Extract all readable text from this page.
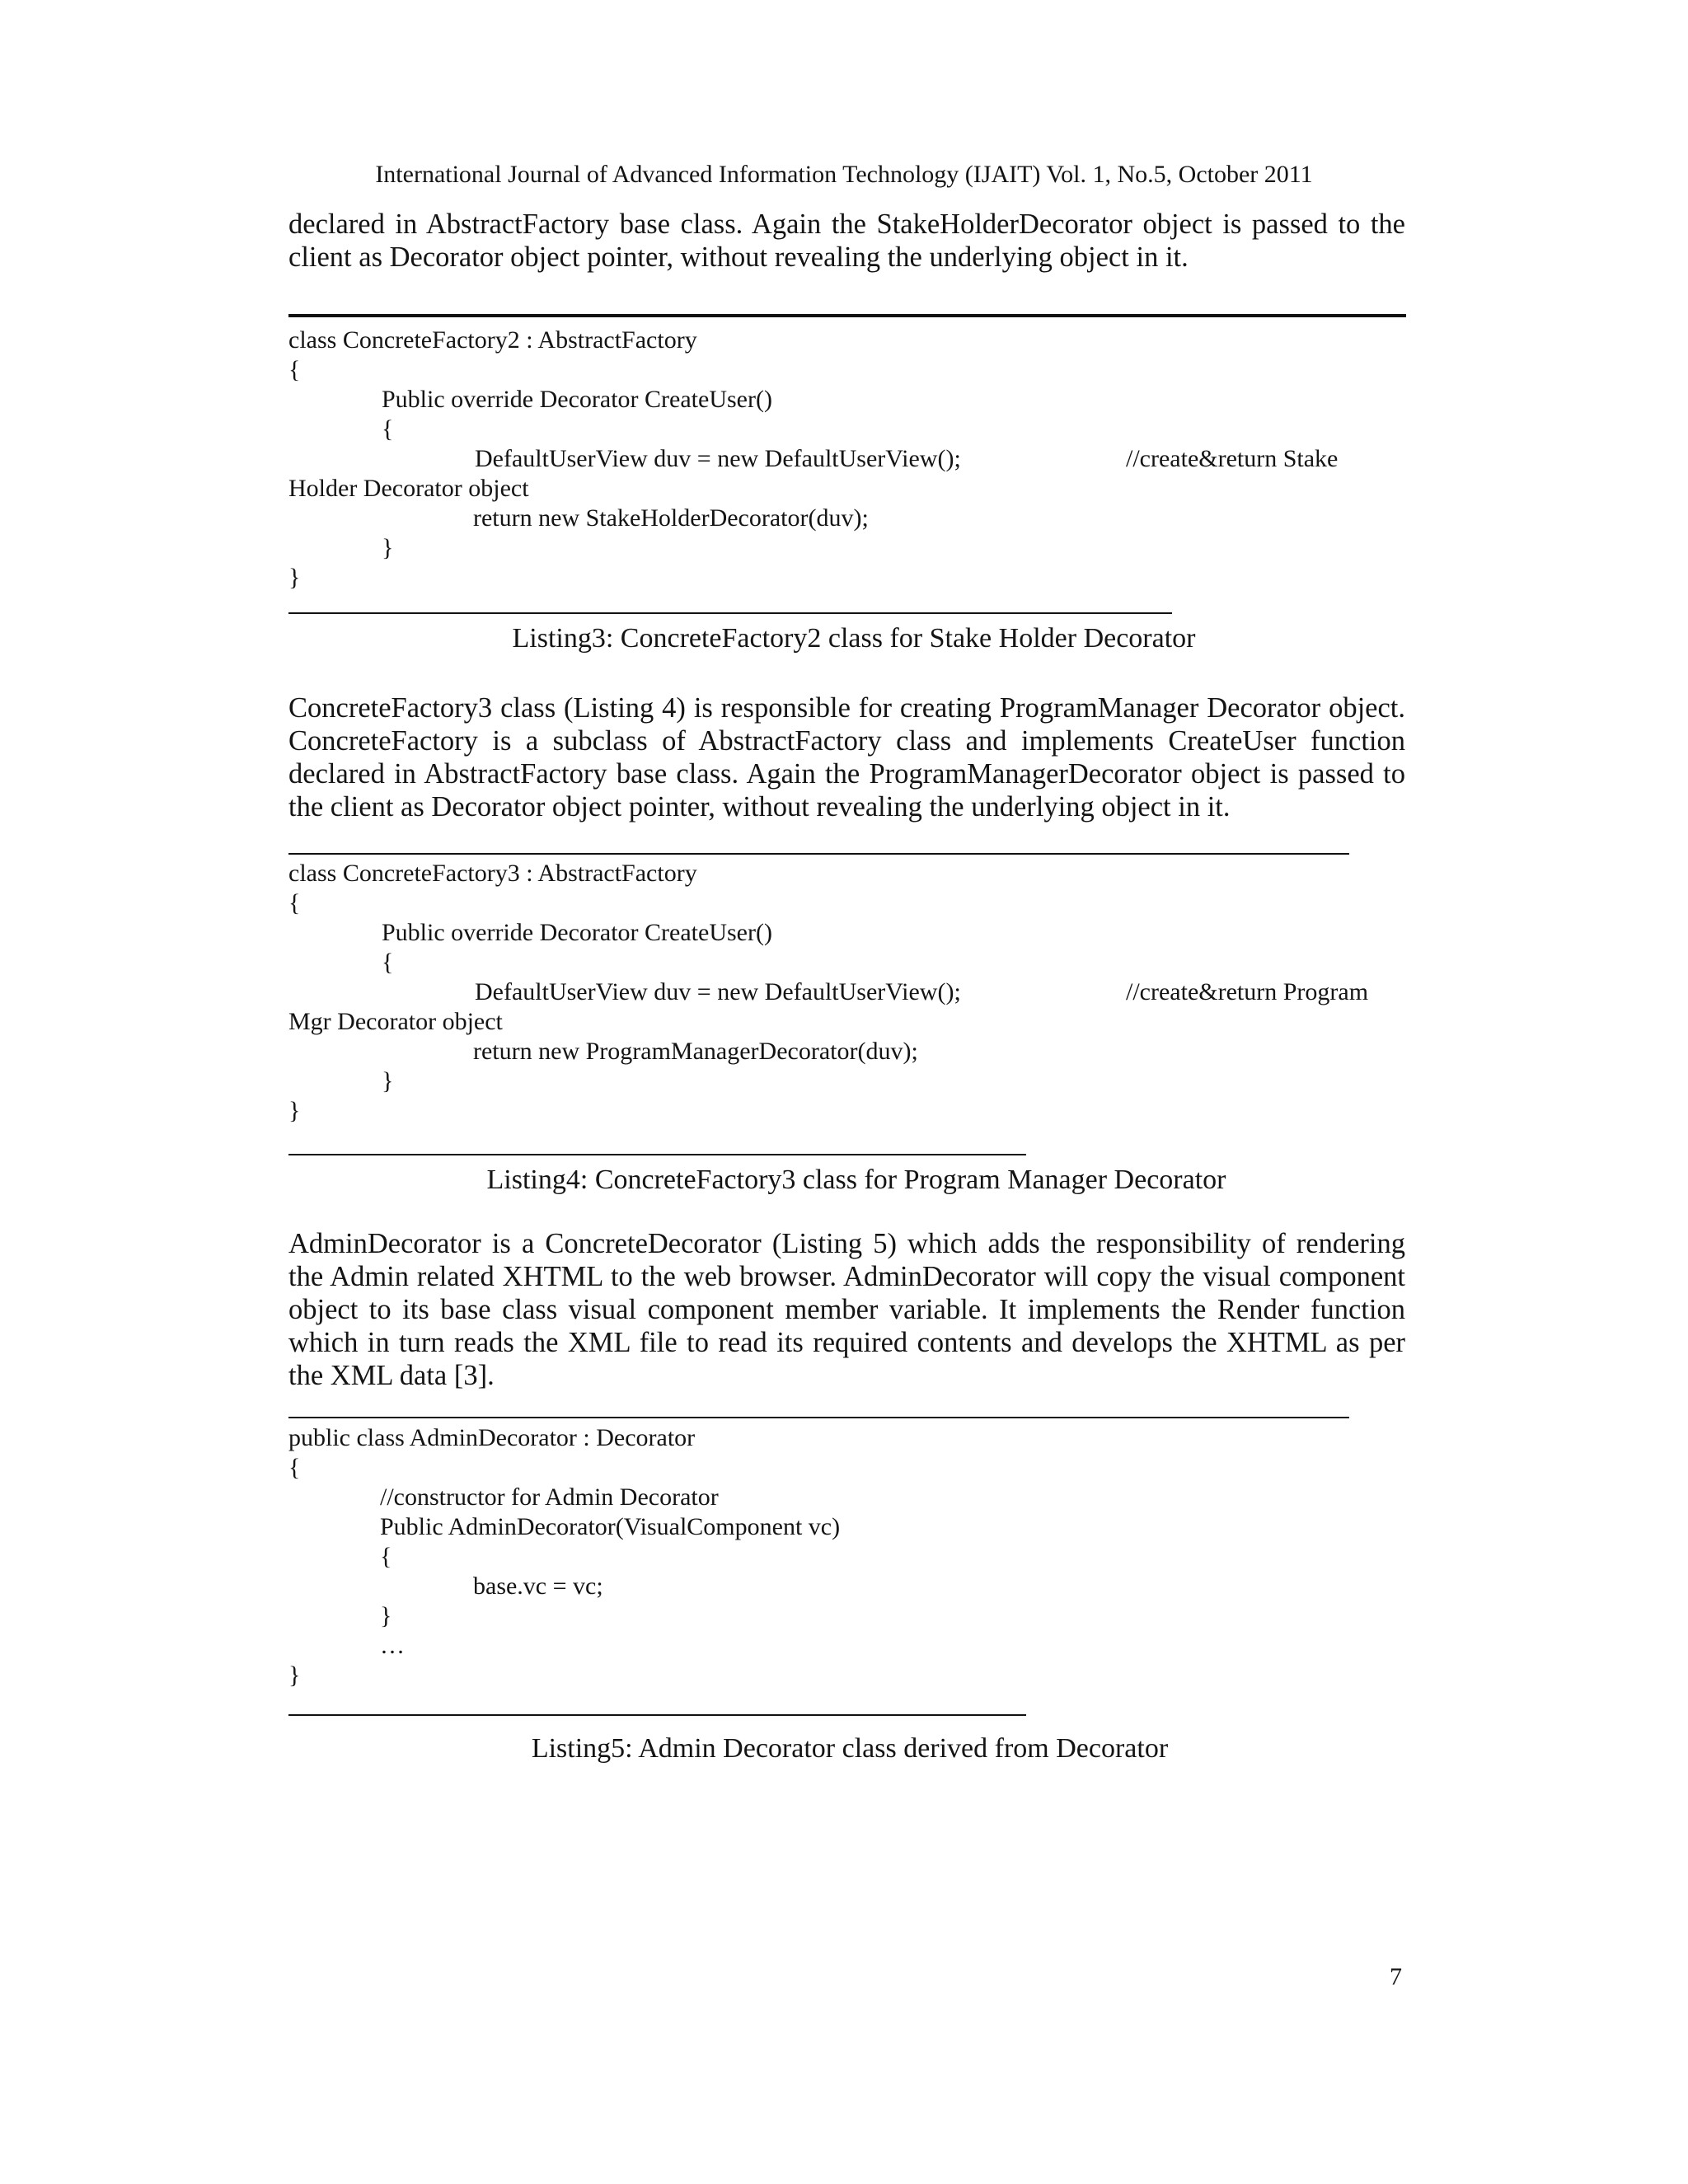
International Journal of Advanced Information Technology (IJAIT) Vol. 1, No.5, October 2011
declared in AbstractFactory base class. Again the StakeHolderDecorator object is passed to the
client as Decorator object pointer, without revealing the underlying object in it.
class ConcreteFactory2 : AbstractFactory
{
Public override Decorator CreateUser()
{
DefaultUserView duv = new DefaultUserView();	//create&return Stake
Holder Decorator object
return new StakeHolderDecorator(duv);
}
}
Listing3: ConcreteFactory2 class for Stake Holder Decorator
ConcreteFactory3 class (Listing 4) is responsible for creating ProgramManager Decorator object.
ConcreteFactory is a subclass of AbstractFactory class and implements CreateUser function
declared in AbstractFactory base class. Again the ProgramManagerDecorator object is passed to
the client as Decorator object pointer, without revealing the underlying object in it.
class ConcreteFactory3 : AbstractFactory
{
Public override Decorator CreateUser()
{
DefaultUserView duv = new DefaultUserView();	//create&return Program
Mgr Decorator object
return new ProgramManagerDecorator(duv);
}
}
Listing4: ConcreteFactory3 class for Program Manager Decorator
AdminDecorator is a ConcreteDecorator (Listing 5) which adds the responsibility of rendering
the Admin related XHTML to the web browser. AdminDecorator will copy the visual component
object to its base class visual component member variable. It implements the Render function
which in turn reads the XML file to read its required contents and develops the XHTML as per
the XML data [3].
public class AdminDecorator : Decorator
{
//constructor for Admin Decorator
Public AdminDecorator(VisualComponent vc)
{
base.vc = vc;
}
…
}
Listing5: Admin Decorator class derived from Decorator
7
